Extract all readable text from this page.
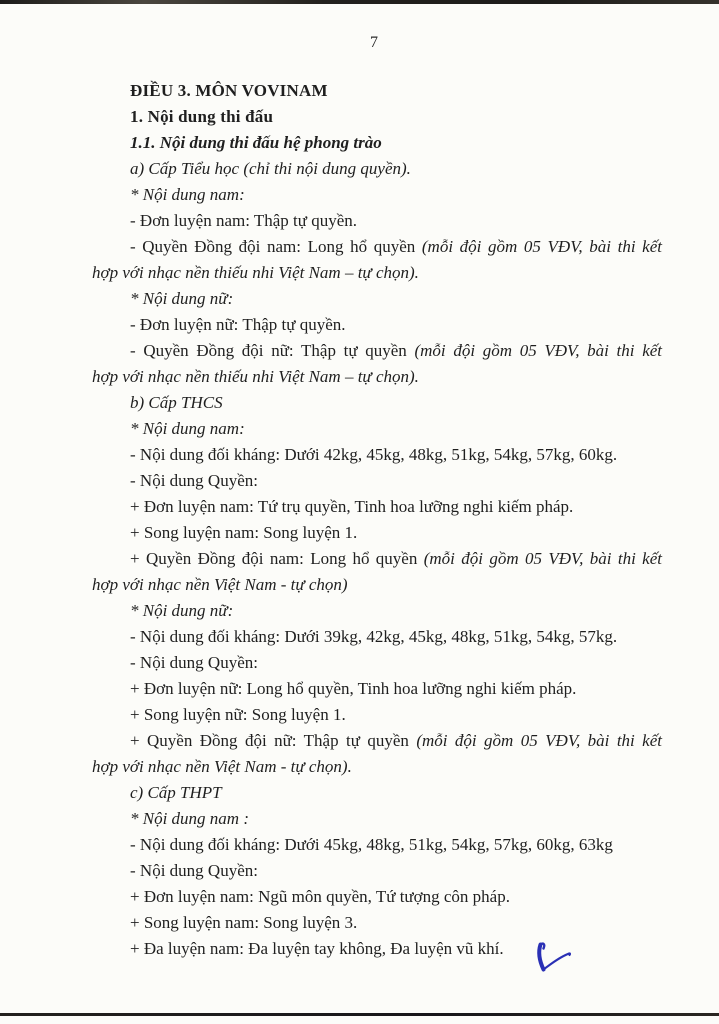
7
ĐIỀU 3. MÔN VOVINAM
1. Nội dung thi đấu
1.1. Nội dung thi đấu hệ phong trào
a) Cấp Tiểu học (chỉ thi nội dung quyền).
* Nội dung nam:
- Đơn luyện nam: Thập tự quyền.
- Quyền Đồng đội nam: Long hổ quyền (mỗi đội gồm 05 VĐV, bài thi kết
hợp với nhạc nền thiếu nhi Việt Nam – tự chọn).
* Nội dung nữ:
- Đơn luyện nữ: Thập tự quyền.
- Quyền Đồng đội nữ: Thập tự quyền (mỗi đội gồm 05 VĐV, bài thi kết
hợp với nhạc nền thiếu nhi Việt Nam – tự chọn).
b) Cấp THCS
* Nội dung nam:
- Nội dung đối kháng: Dưới 42kg, 45kg, 48kg, 51kg, 54kg, 57kg, 60kg.
- Nội dung Quyền:
+ Đơn luyện nam: Tứ trụ quyền, Tinh hoa lưỡng nghi kiếm pháp.
+ Song luyện nam: Song luyện 1.
+ Quyền Đồng đội nam: Long hổ quyền (mỗi đội gồm 05 VĐV, bài thi kết
hợp với nhạc nền Việt Nam - tự chọn)
* Nội dung nữ:
- Nội dung đối kháng: Dưới 39kg, 42kg, 45kg, 48kg, 51kg, 54kg, 57kg.
- Nội dung Quyền:
+ Đơn luyện nữ: Long hổ quyền, Tinh hoa lưỡng nghi kiếm pháp.
+ Song luyện nữ: Song luyện 1.
+ Quyền Đồng đội nữ: Thập tự quyền (mỗi đội gồm 05 VĐV, bài thi kết
hợp với nhạc nền Việt Nam - tự chọn).
c) Cấp THPT
* Nội dung nam :
- Nội dung đối kháng: Dưới 45kg, 48kg, 51kg, 54kg, 57kg, 60kg, 63kg
- Nội dung Quyền:
+ Đơn luyện nam: Ngũ môn quyền, Tứ tượng côn pháp.
+ Song luyện nam: Song luyện 3.
+ Đa luyện nam: Đa luyện tay không, Đa luyện vũ khí.
